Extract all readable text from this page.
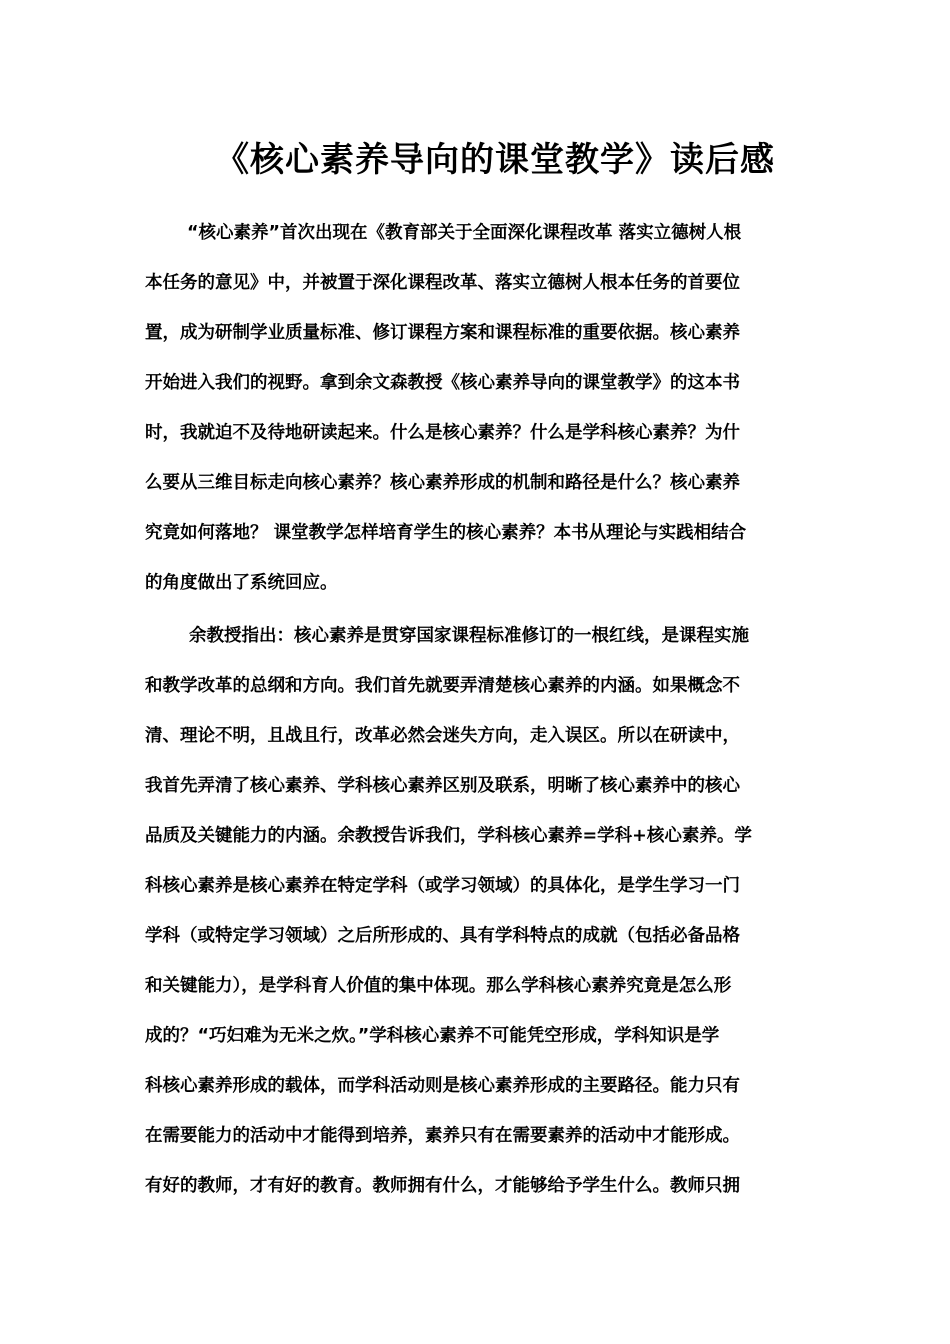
《核心素养导向的课堂教学》读后感
“核心素养”首次出现在《教育部关于全面深化课程改革 落实立德树人根
本任务的意见》中，并被置于深化课程改革、落实立德树人根本任务的首要位
置，成为研制学业质量标准、修订课程方案和课程标准的重要依据。核心素养
开始进入我们的视野。拿到余文森教授《核心素养导向的课堂教学》的这本书
时，我就迫不及待地研读起来。什么是核心素养？什么是学科核心素养？为什
么要从三维目标走向核心素养？核心素养形成的机制和路径是什么？核心素养
究竟如何落地？ 课堂教学怎样培育学生的核心素养？本书从理论与实践相结合
的角度做出了系统回应。
余教授指出：核心素养是贯穿国家课程标准修订的一根红线，是课程实施
和教学改革的总纲和方向。我们首先就要弄清楚核心素养的内涵。如果概念不
清、理论不明，且战且行，改革必然会迷失方向，走入误区。所以在研读中，
我首先弄清了核心素养、学科核心素养区别及联系，明晰了核心素养中的核心
品质及关键能力的内涵。余教授告诉我们，学科核心素养=学科+核心素养。学
科核心素养是核心素养在特定学科（或学习领域）的具体化，是学生学习一门
学科（或特定学习领域）之后所形成的、具有学科特点的成就（包括必备品格
和关键能力），是学科育人价值的集中体现。那么学科核心素养究竟是怎么形
成的？“巧妇难为无米之炊。”学科核心素养不可能凭空形成，学科知识是学
科核心素养形成的载体，而学科活动则是核心素养形成的主要路径。能力只有
在需要能力的活动中才能得到培养，素养只有在需要素养的活动中才能形成。
有好的教师，才有好的教育。教师拥有什么，才能够给予学生什么。教师只拥
